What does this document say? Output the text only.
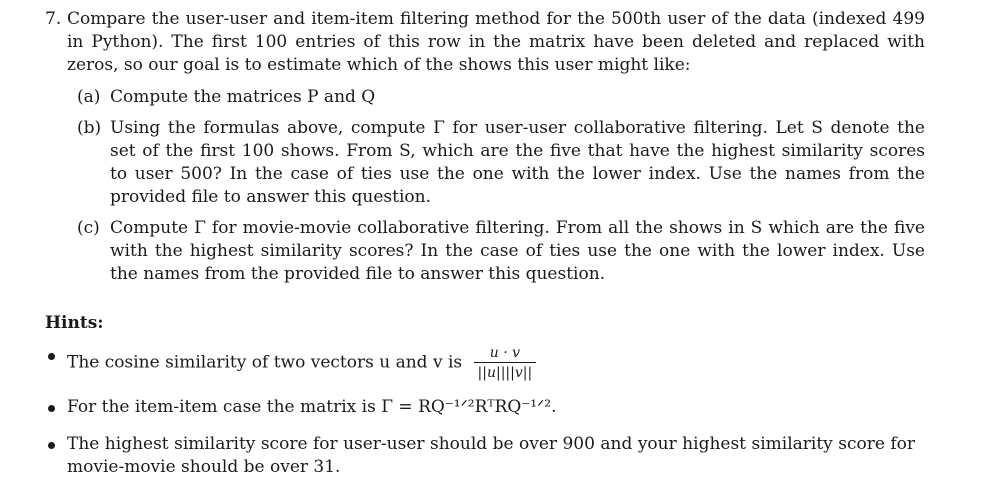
7. Compare the user-user and item-item filtering method for the 500th user of the data (indexed 499 in Python). The first 100 entries of this row in the matrix have been deleted and replaced with zeros, so our goal is to estimate which of the shows this user might like:
(a) Compute the matrices P and Q
(b) Using the formulas above, compute Γ for user-user collaborative filtering. Let S denote the set of the first 100 shows. From S, which are the five that have the highest similarity scores to user 500? In the case of ties use the one with the lower index. Use the names from the provided file to answer this question.
(c) Compute Γ for movie-movie collaborative filtering. From all the shows in S which are the five with the highest similarity scores? In the case of ties use the one with the lower index. Use the names from the provided file to answer this question.
Hints:
The cosine similarity of two vectors u and v is $\frac{u \cdot v}{||u||||v||}$
For the item-item case the matrix is Γ = RQ⁻¹ᐟ²RᵀRQ⁻¹ᐟ².
The highest similarity score for user-user should be over 900 and your highest similarity score for movie-movie should be over 31.
